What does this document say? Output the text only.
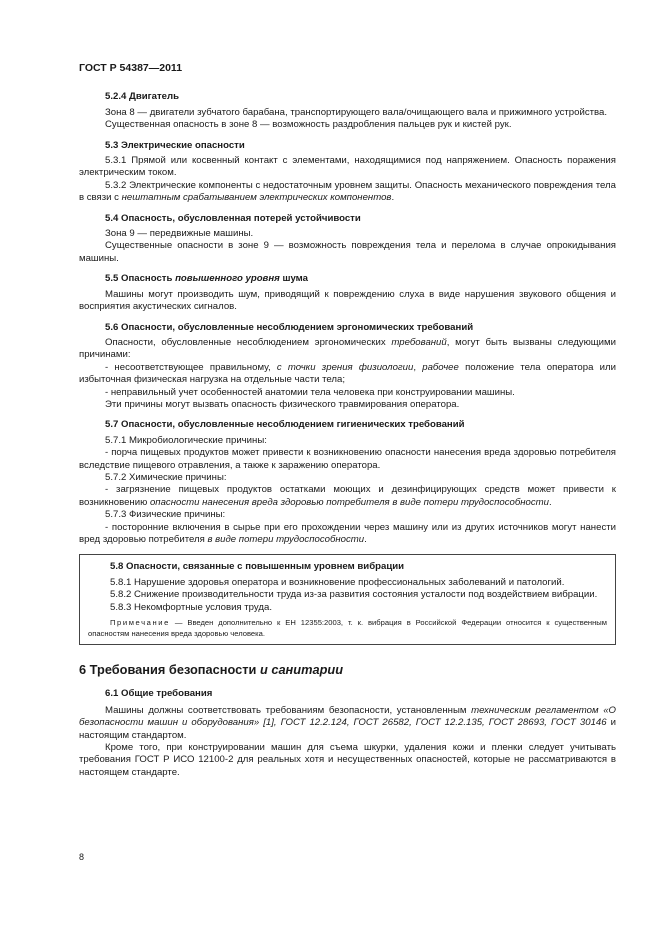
ГОСТ Р 54387—2011
5.2.4 Двигатель

Зона 8 — двигатели зубчатого барабана, транспортирующего вала/очищающего вала и прижимного устройства.

Существенная опасность в зоне 8 — возможность раздробления пальцев рук и кистей рук.

5.3 Электрические опасности

5.3.1 Прямой или косвенный контакт с элементами, находящимися под напряжением. Опасность поражения электрическим током.

5.3.2 Электрические компоненты с недостаточным уровнем защиты. Опасность механического повреждения тела в связи с нештатным срабатыванием электрических компонентов.

5.4 Опасность, обусловленная потерей устойчивости

Зона 9 — передвижные машины.

Существенные опасности в зоне 9 — возможность повреждения тела и перелома в случае опрокидывания машины.

5.5 Опасность повышенного уровня шума

Машины могут производить шум, приводящий к повреждению слуха в виде нарушения звукового общения и восприятия акустических сигналов.

5.6 Опасности, обусловленные несоблюдением эргономических требований

Опасности, обусловленные несоблюдением эргономических требований, могут быть вызваны следующими причинами:

- несоответствующее правильному, с точки зрения физиологии, рабочее положение тела оператора или избыточная физическая нагрузка на отдельные части тела;

- неправильный учет особенностей анатомии тела человека при конструировании машины.

Эти причины могут вызвать опасность физического травмирования оператора.

5.7 Опасности, обусловленные несоблюдением гигиенических требований

5.7.1 Микробиологические причины:

- порча пищевых продуктов может привести к возникновению опасности нанесения вреда здоровью потребителя вследствие пищевого отравления, а также к заражению оператора.

5.7.2 Химические причины:

- загрязнение пищевых продуктов остатками моющих и дезинфицирующих средств может привести к возникновению опасности нанесения вреда здоровью потребителя в виде потери трудоспособности.

5.7.3 Физические причины:

- посторонние включения в сырье при его прохождении через машину или из других источников могут нанести вред здоровью потребителя в виде потери трудоспособности.

5.8 Опасности, связанные с повышенным уровнем вибрации

5.8.1 Нарушение здоровья оператора и возникновение профессиональных заболеваний и патологий.

5.8.2 Снижение производительности труда из-за развития состояния усталости под воздействием вибрации.

5.8.3 Некомфортные условия труда.

Примечание — Введен дополнительно к ЕН 12355:2003, т. к. вибрация в Российской Федерации относится к существенным опасностям нанесения вреда здоровью человека.

6 Требования безопасности и санитарии
6.1 Общие требования

Машины должны соответствовать требованиям безопасности, установленным техническим регламентом «О безопасности машин и оборудования» [1], ГОСТ 12.2.124, ГОСТ 26582, ГОСТ 12.2.135, ГОСТ 28693, ГОСТ 30146 и настоящим стандартом.

Кроме того, при конструировании машин для съема шкурки, удаления кожи и пленки следует учитывать требования ГОСТ Р ИСО 12100-2 для реальных хотя и несущественных опасностей, которые не рассматриваются в настоящем стандарте.

8
